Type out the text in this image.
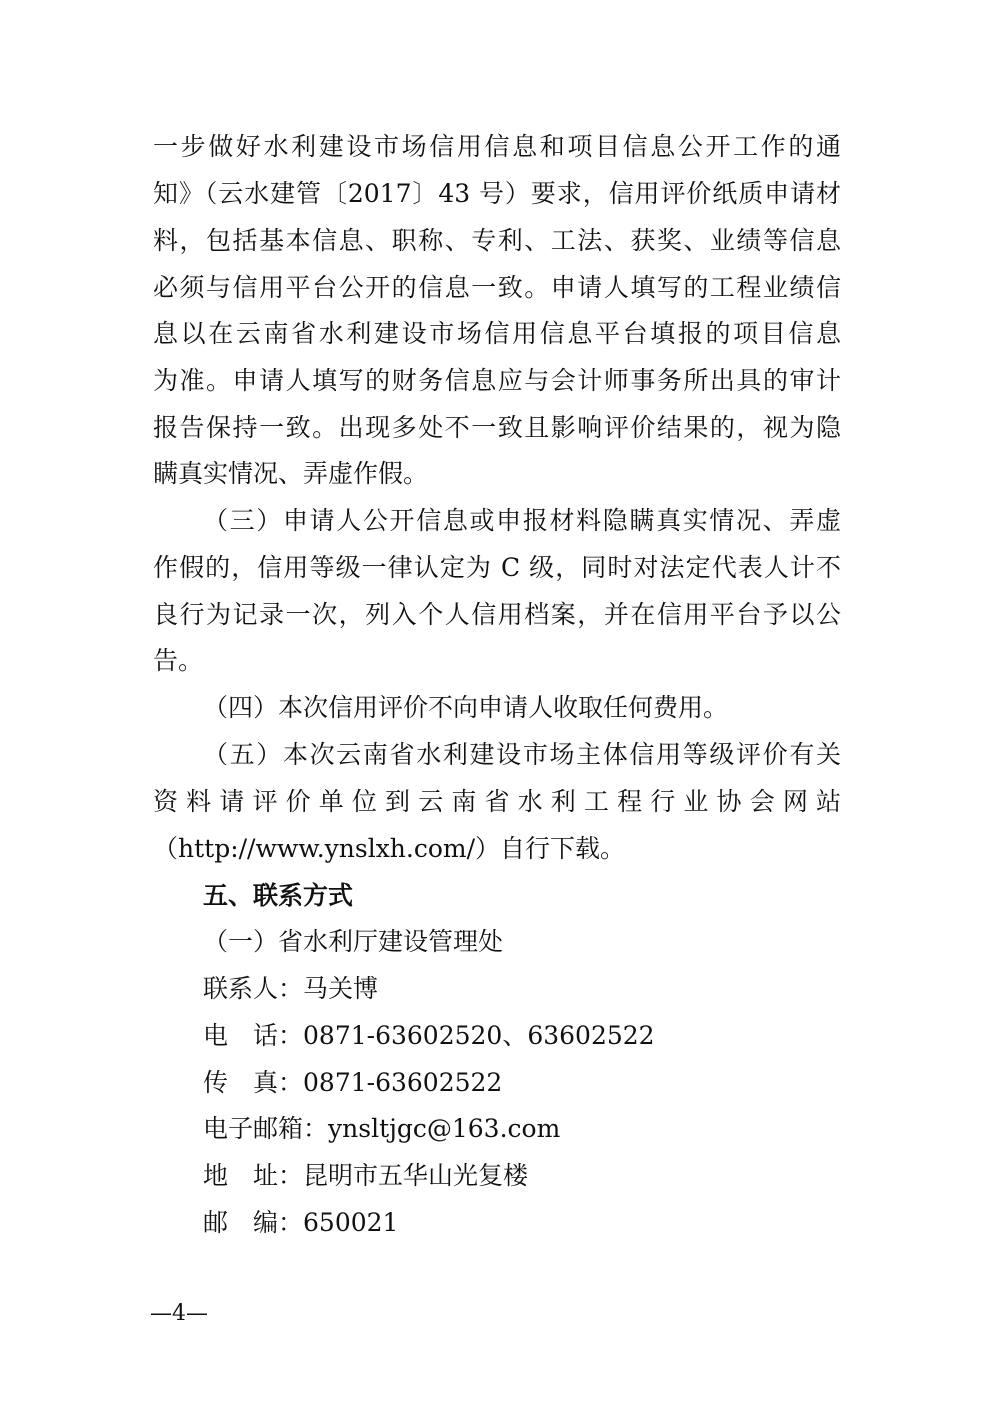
一步做好水利建设市场信用信息和项目信息公开工作的通
知》（云水建管〔2017〕43 号）要求，信用评价纸质申请材
料，包括基本信息、职称、专利、工法、获奖、业绩等信息
必须与信用平台公开的信息一致。申请人填写的工程业绩信
息以在云南省水利建设市场信用信息平台填报的项目信息
为准。申请人填写的财务信息应与会计师事务所出具的审计
报告保持一致。出现多处不一致且影响评价结果的，视为隐
瞒真实情况、弄虚作假。
（三）申请人公开信息或申报材料隐瞒真实情况、弄虚
作假的，信用等级一律认定为 C 级，同时对法定代表人计不
良行为记录一次，列入个人信用档案，并在信用平台予以公
告。
（四）本次信用评价不向申请人收取任何费用。
（五）本次云南省水利建设市场主体信用等级评价有关
资料请评价单位到云南省水利工程行业协会网站
（http://www.ynslxh.com/）自行下载。
五、联系方式
（一）省水利厅建设管理处
联系人：马关博
电　话：0871-63602520、63602522
传　真：0871-63602522
电子邮箱：ynsltjgc@163.com
地　址：昆明市五华山光复楼
邮　编：650021
—4—
